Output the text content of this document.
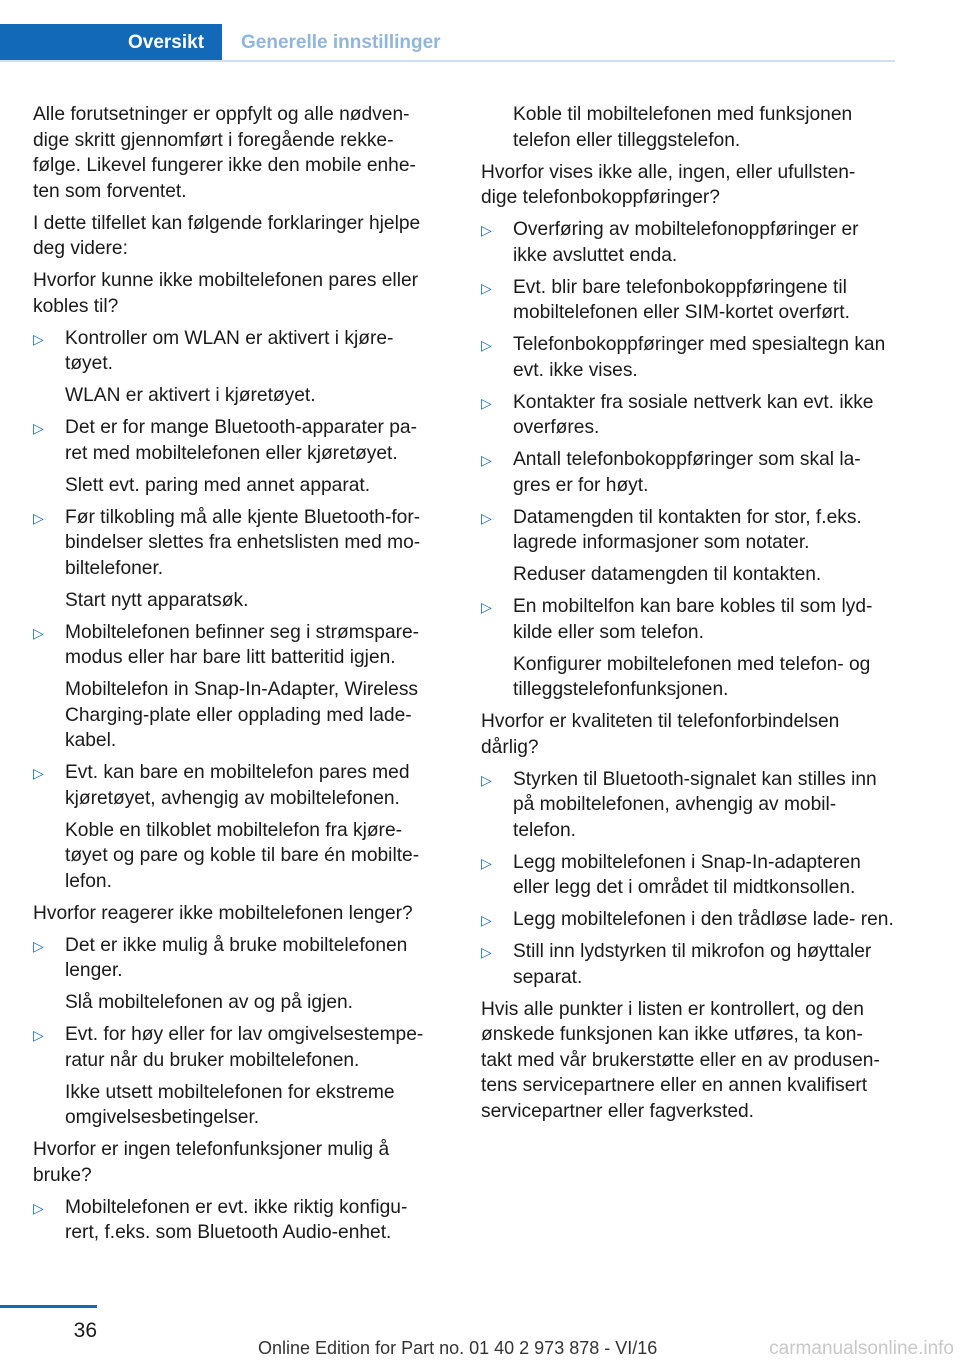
Oversikt	Generelle innstillinger

Alle forutsetninger er oppfylt og alle nødven‐ dige skritt gjennomført i foregående rekke‐ følge. Likevel fungerer ikke den mobile enhe‐ ten som forventet.

I dette tilfellet kan følgende forklaringer hjelpe deg videre:

Hvorfor kunne ikke mobiltelefonen pares eller kobles til?

▷ Kontroller om WLAN er aktivert i kjøre‐ tøyet.
WLAN er aktivert i kjøretøyet.
▷ Det er for mange Bluetooth-apparater pa‐ ret med mobiltelefonen eller kjøretøyet.
Slett evt. paring med annet apparat.
▷ Før tilkobling må alle kjente Bluetooth-for‐ bindelser slettes fra enhetslisten med mo‐ biltelefoner.
Start nytt apparatsøk.
▷ Mobiltelefonen befinner seg i strømspare‐ modus eller har bare litt batteritid igjen.
Mobiltelefon in Snap-In-Adapter, Wireless Charging-plate eller opplading med lade‐ kabel.
▷ Evt. kan bare en mobiltelefon pares med kjøretøyet, avhengig av mobiltelefonen.
Koble en tilkoblet mobiltelefon fra kjøre‐ tøyet og pare og koble til bare én mobilte‐ lefon.

Hvorfor reagerer ikke mobiltelefonen lenger?

▷ Det er ikke mulig å bruke mobiltelefonen lenger.
Slå mobiltelefonen av og på igjen.
▷ Evt. for høy eller for lav omgivelsestempe‐ ratur når du bruker mobiltelefonen.
Ikke utsett mobiltelefonen for ekstreme omgivelsesbetingelser.

Hvorfor er ingen telefonfunksjoner mulig å bruke?

▷ Mobiltelefonen er evt. ikke riktig konfigu‐ rert, f.eks. som Bluetooth Audio-enhet.
Koble til mobiltelefonen med funksjonen telefon eller tilleggstelefon.

Hvorfor vises ikke alle, ingen, eller ufullsten‐ dige telefonbokoppføringer?

▷ Overføring av mobiltelefonoppføringer er ikke avsluttet enda.
▷ Evt. blir bare telefonbokoppføringene til mobiltelefonen eller SIM-kortet overført.
▷ Telefonbokoppføringer med spesialtegn kan evt. ikke vises.
▷ Kontakter fra sosiale nettverk kan evt. ikke overføres.
▷ Antall telefonbokoppføringer som skal la‐ gres er for høyt.
▷ Datamengden til kontakten for stor, f.eks. lagrede informasjoner som notater.
Reduser datamengden til kontakten.
▷ En mobiltelfon kan bare kobles til som lyd‐ kilde eller som telefon.
Konfigurer mobiltelefonen med telefon- og tilleggstelefonfunksjonen.

Hvorfor er kvaliteten til telefonforbindelsen dårlig?

▷ Styrken til Bluetooth-signalet kan stilles inn på mobiltelefonen, avhengig av mobil‐ telefon.
▷ Legg mobiltelefonen i Snap-In-adapteren eller legg det i området til midtkonsollen.
▷ Legg mobiltelefonen i den trådløse lade‐ ren.
▷ Still inn lydstyrken til mikrofon og høyttaler separat.

Hvis alle punkter i listen er kontrollert, og den ønskede funksjonen kan ikke utføres, ta kon‐ takt med vår brukerstøtte eller en av produsen‐ tens servicepartnere eller en annen kvalifisert servicepartner eller fagverksted.

36
Online Edition for Part no. 01 40 2 973 878 - VI/16	carmanualsonline.info
